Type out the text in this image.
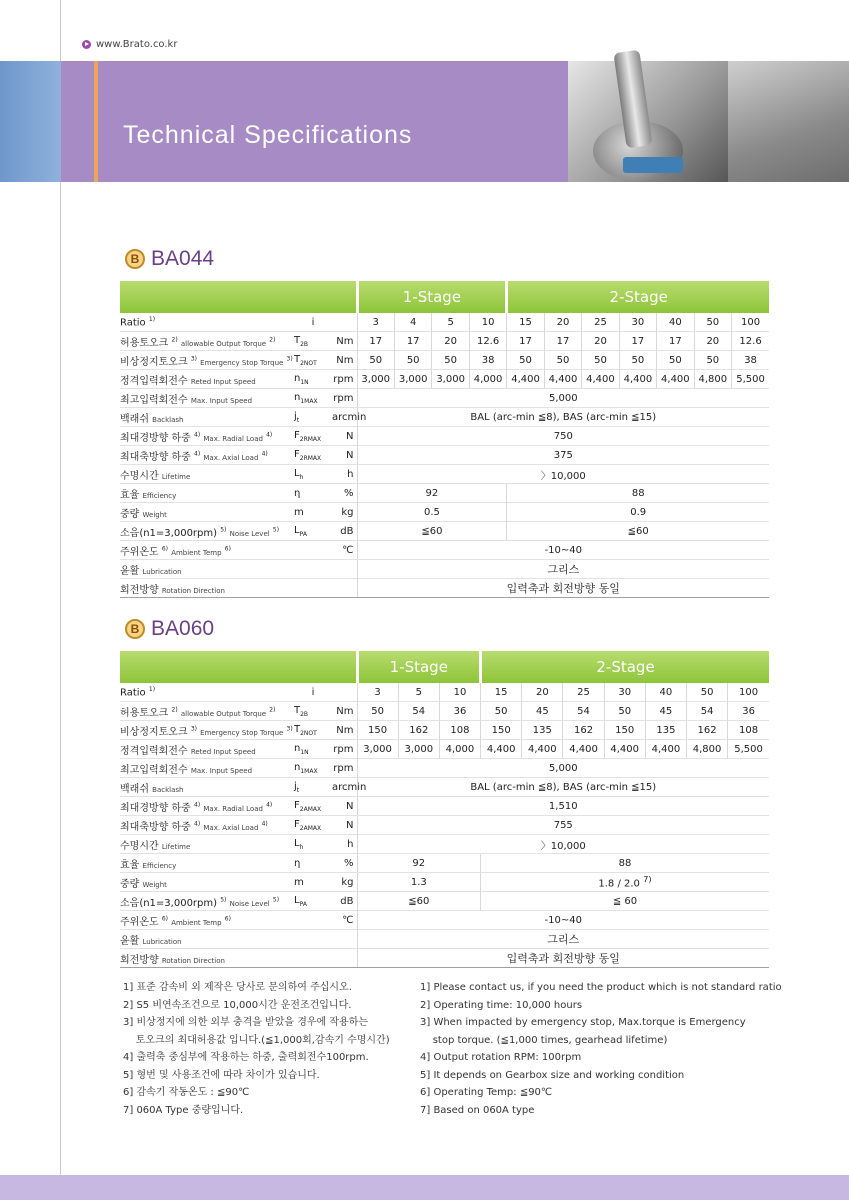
www.Brato.co.kr
Technical Specifications
B BA044
			1-Stage				2-Stage						
Ratio $^{1)}$	i		3	4	5	10	15	20	25	30	40	50	100
허용토오크 $^{2)}$ allowable Output Torque $^{2)}$	$T_{2B}$	Nm	17	17	20	12.6	17	17	20	17	17	20	12.6
비상정지토오크 $^{3)}$ Emergency Stop Torque $^{3)}$	$T_{2NOT}$	Nm	50	50	50	38	50	50	50	50	50	50	38
정격입력회전수 Reted Input Speed	$n_{1N}$	rpm	3,000	3,000	3,000	4,000	4,400	4,400	4,400	4,400	4,400	4,800	5,500
최고입력회전수 Max. Input Speed	$n_{1MAX}$	rpm	5,000										
백래쉬 Backlash	$j_t$	arcmin	BAL (arc-min ≦8), BAS (arc-min ≦15)										
최대경방향 하중 $^{4)}$ Max. Radial Load $^{4)}$	$F_{2RMAX}$	N	750										
최대축방향 하중 $^{4)}$ Max. Axial Load $^{4)}$	$F_{2RMAX}$	N	375										
수명시간 Lifetime	$L_h$	h	〉10,000										
효율 Efficiency	η	%	92				88						
중량 Weight	m	kg	0.5				0.9						
소음(n1=3,000rpm) $^{5)}$ Noise Level $^{5)}$	$L_{PA}$	dB	≦60				≦60						
주위온도 $^{6)}$ Ambient Temp $^{6)}$		℃	-10~40										
윤활 Lubrication			그리스										
회전방향 Rotation Direction			입력축과 회전방향 동일										
B BA060
			1-Stage			2-Stage						
Ratio $^{1)}$	i		3	5	10	15	20	25	30	40	50	100
허용토오크 $^{2)}$ allowable Output Torque $^{2)}$	$T_{2B}$	Nm	50	54	36	50	45	54	50	45	54	36
비상정지토오크 $^{3)}$ Emergency Stop Torque $^{3)}$	$T_{2NOT}$	Nm	150	162	108	150	135	162	150	135	162	108
정격입력회전수 Reted Input Speed	$n_{1N}$	rpm	3,000	3,000	4,000	4,400	4,400	4,400	4,400	4,400	4,800	5,500
최고입력회전수 Max. Input Speed	$n_{1MAX}$	rpm	5,000									
백래쉬 Backlash	$j_t$	arcmin	BAL (arc-min ≦8), BAS (arc-min ≦15)									
최대경방향 하중 $^{4)}$ Max. Radial Load $^{4)}$	$F_{2AMAX}$	N	1,510									
최대축방향 하중 $^{4)}$ Max. Axial Load $^{4)}$	$F_{2AMAX}$	N	755									
수명시간 Lifetime	$L_h$	h	〉10,000									
효율 Efficiency	η	%	92			88						
중량 Weight	m	kg	1.3			1.8 / 2.0 $^{7)}$
소음(n1=3,000rpm) $^{5)}$ Noise Level $^{5)}$	$L_{PA}$	dB	≦60			≦ 60						
주위온도 $^{6)}$ Ambient Temp $^{6)}$		℃	-10~40									
윤활 Lubrication			그리스									
회전방향 Rotation Direction			입력축과 회전방향 동일									
1] 표준 감속비 외 제작은 당사로 문의하여 주십시오.
2] S5 비연속조건으로 10,000시간 운전조건입니다.
3] 비상정지에 의한 외부 충격을 받았을 경우에 작용하는
토오크의 최대허용값 입니다.(≦1,000회,감속기 수명시간)
4] 출력축 중심부에 작용하는 하중, 출력회전수100rpm.
5] 형번 및 사용조건에 따라 차이가 있습니다.
6] 감속기 작동온도 : ≦90℃
7] 060A Type 중량입니다.
1] Please contact us, if you need the product which is not standard ratio
2] Operating time: 10,000 hours
3] When impacted by emergency stop, Max.torque is Emergency
stop torque. (≦1,000 times, gearhead lifetime)
4] Output rotation RPM: 100rpm
5] It depends on Gearbox size and working condition
6] Operating Temp: ≦90℃
7] Based on 060A type
